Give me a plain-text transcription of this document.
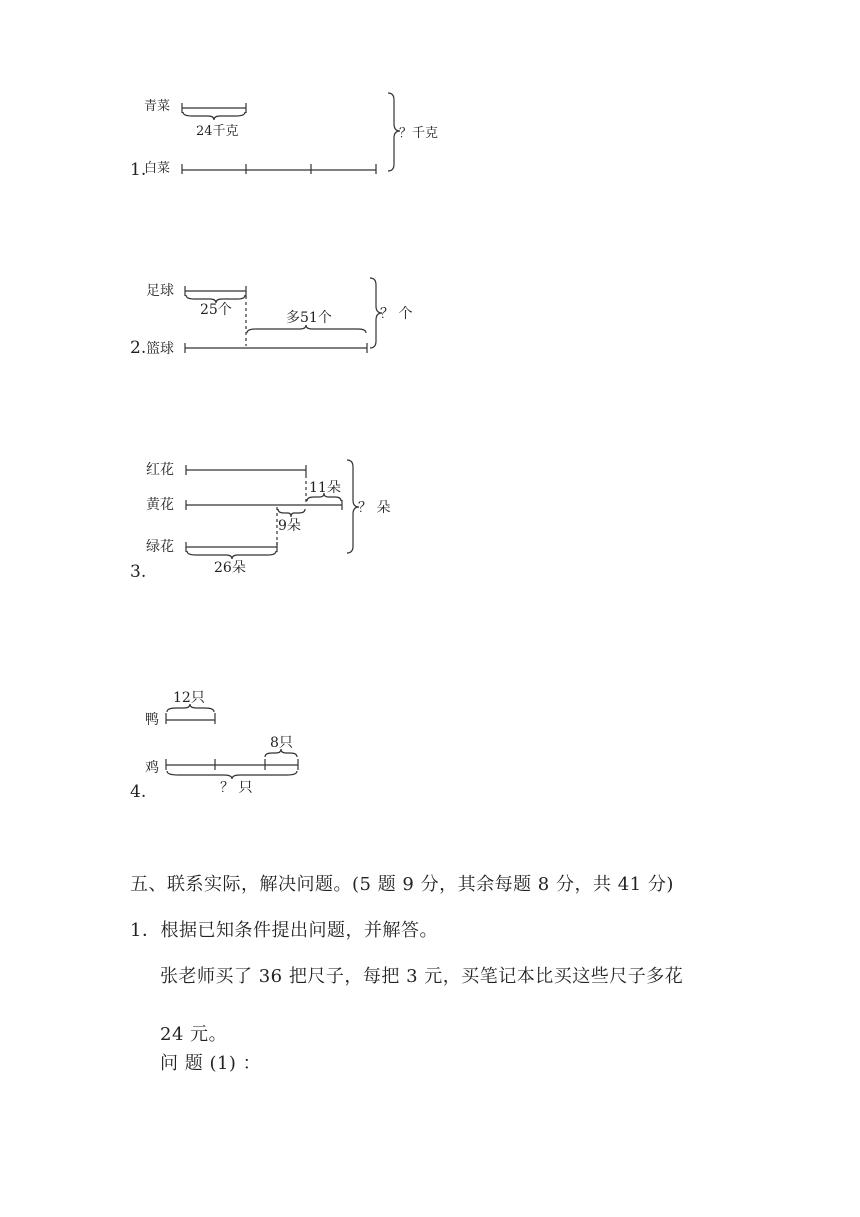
青菜
白菜
24千克	？千克
1.
足球
篮球
25个	多51个	？ 个
2.
红花
黄花
绿花
11朵
9朵
26朵
？ 朵
3.
鸭
鸡
12只
8只
？ 只
4.
五、联系实际，解决问题。(5 题 9 分，其余每题 8 分，共 41 分)
1．根据已知条件提出问题，并解答。
张老师买了 36 把尺子，每把 3 元，买笔记本比买这些尺子多花
24 元。
问 题 (1) ：
